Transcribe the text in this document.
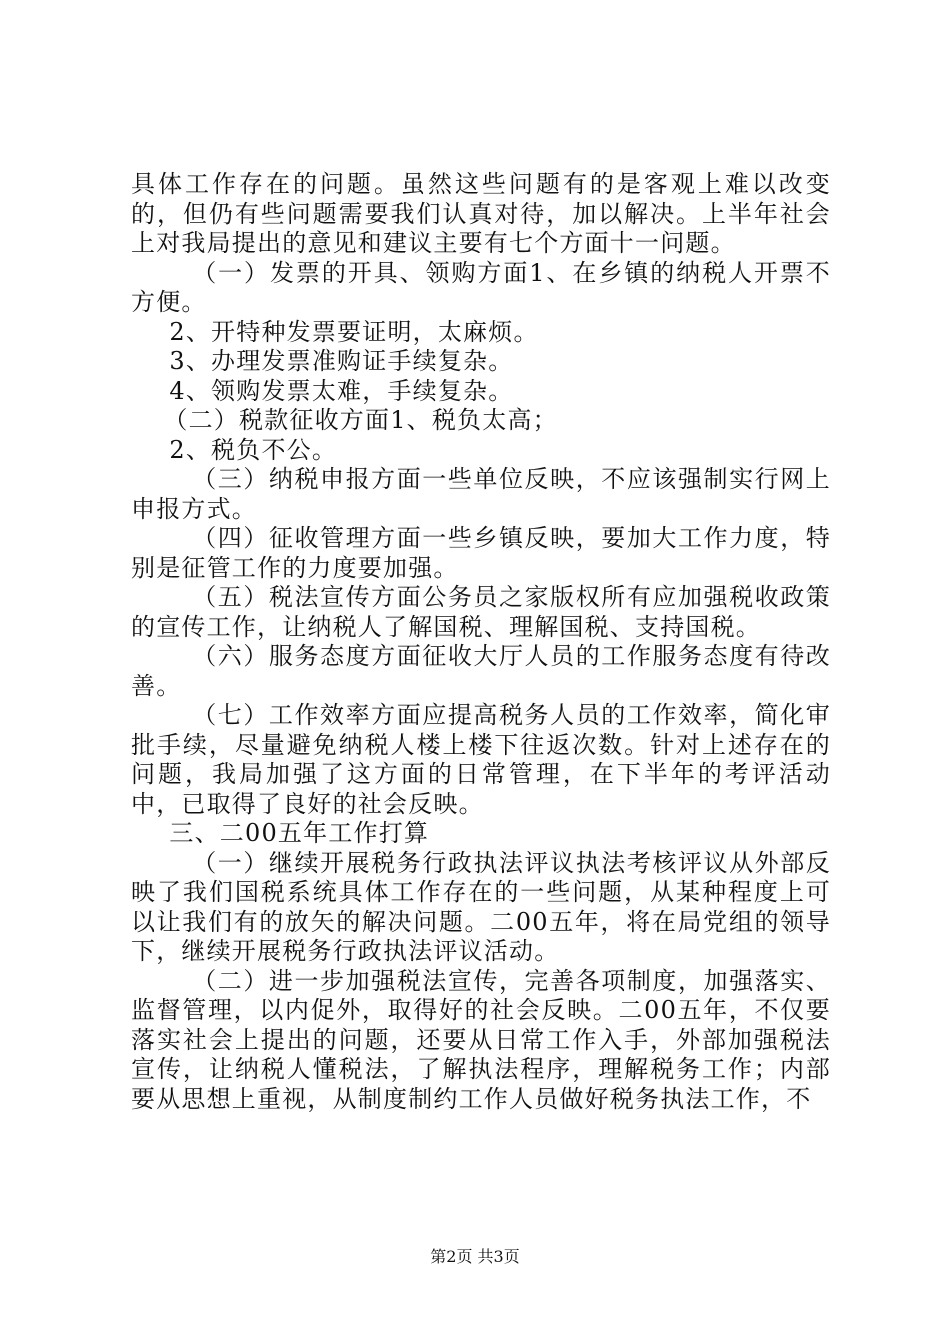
具体工作存在的问题。虽然这些问题有的是客观上难以改变的，但仍有些问题需要我们认真对待，加以解决。上半年社会上对我局提出的意见和建议主要有七个方面十一问题。

（一）发票的开具、领购方面1、在乡镇的纳税人开票不方便。

2、开特种发票要证明，太麻烦。

3、办理发票准购证手续复杂。

4、领购发票太难，手续复杂。

（二）税款征收方面1、税负太高；

2、税负不公。

（三）纳税申报方面一些单位反映，不应该强制实行网上申报方式。

（四）征收管理方面一些乡镇反映，要加大工作力度，特别是征管工作的力度要加强。

（五）税法宣传方面公务员之家版权所有应加强税收政策的宣传工作，让纳税人了解国税、理解国税、支持国税。

（六）服务态度方面征收大厅人员的工作服务态度有待改善。

（七）工作效率方面应提高税务人员的工作效率，简化审批手续，尽量避免纳税人楼上楼下往返次数。针对上述存在的问题，我局加强了这方面的日常管理，在下半年的考评活动中，已取得了良好的社会反映。

三、二00五年工作打算

（一）继续开展税务行政执法评议执法考核评议从外部反映了我们国税系统具体工作存在的一些问题，从某种程度上可以让我们有的放矢的解决问题。二00五年，将在局党组的领导下，继续开展税务行政执法评议活动。

（二）进一步加强税法宣传，完善各项制度，加强落实、监督管理，以内促外，取得好的社会反映。二00五年，不仅要落实社会上提出的问题，还要从日常工作入手，外部加强税法宣传，让纳税人懂税法，了解执法程序，理解税务工作；内部要从思想上重视，从制度制约工作人员做好税务执法工作，不

第2页 共3页
